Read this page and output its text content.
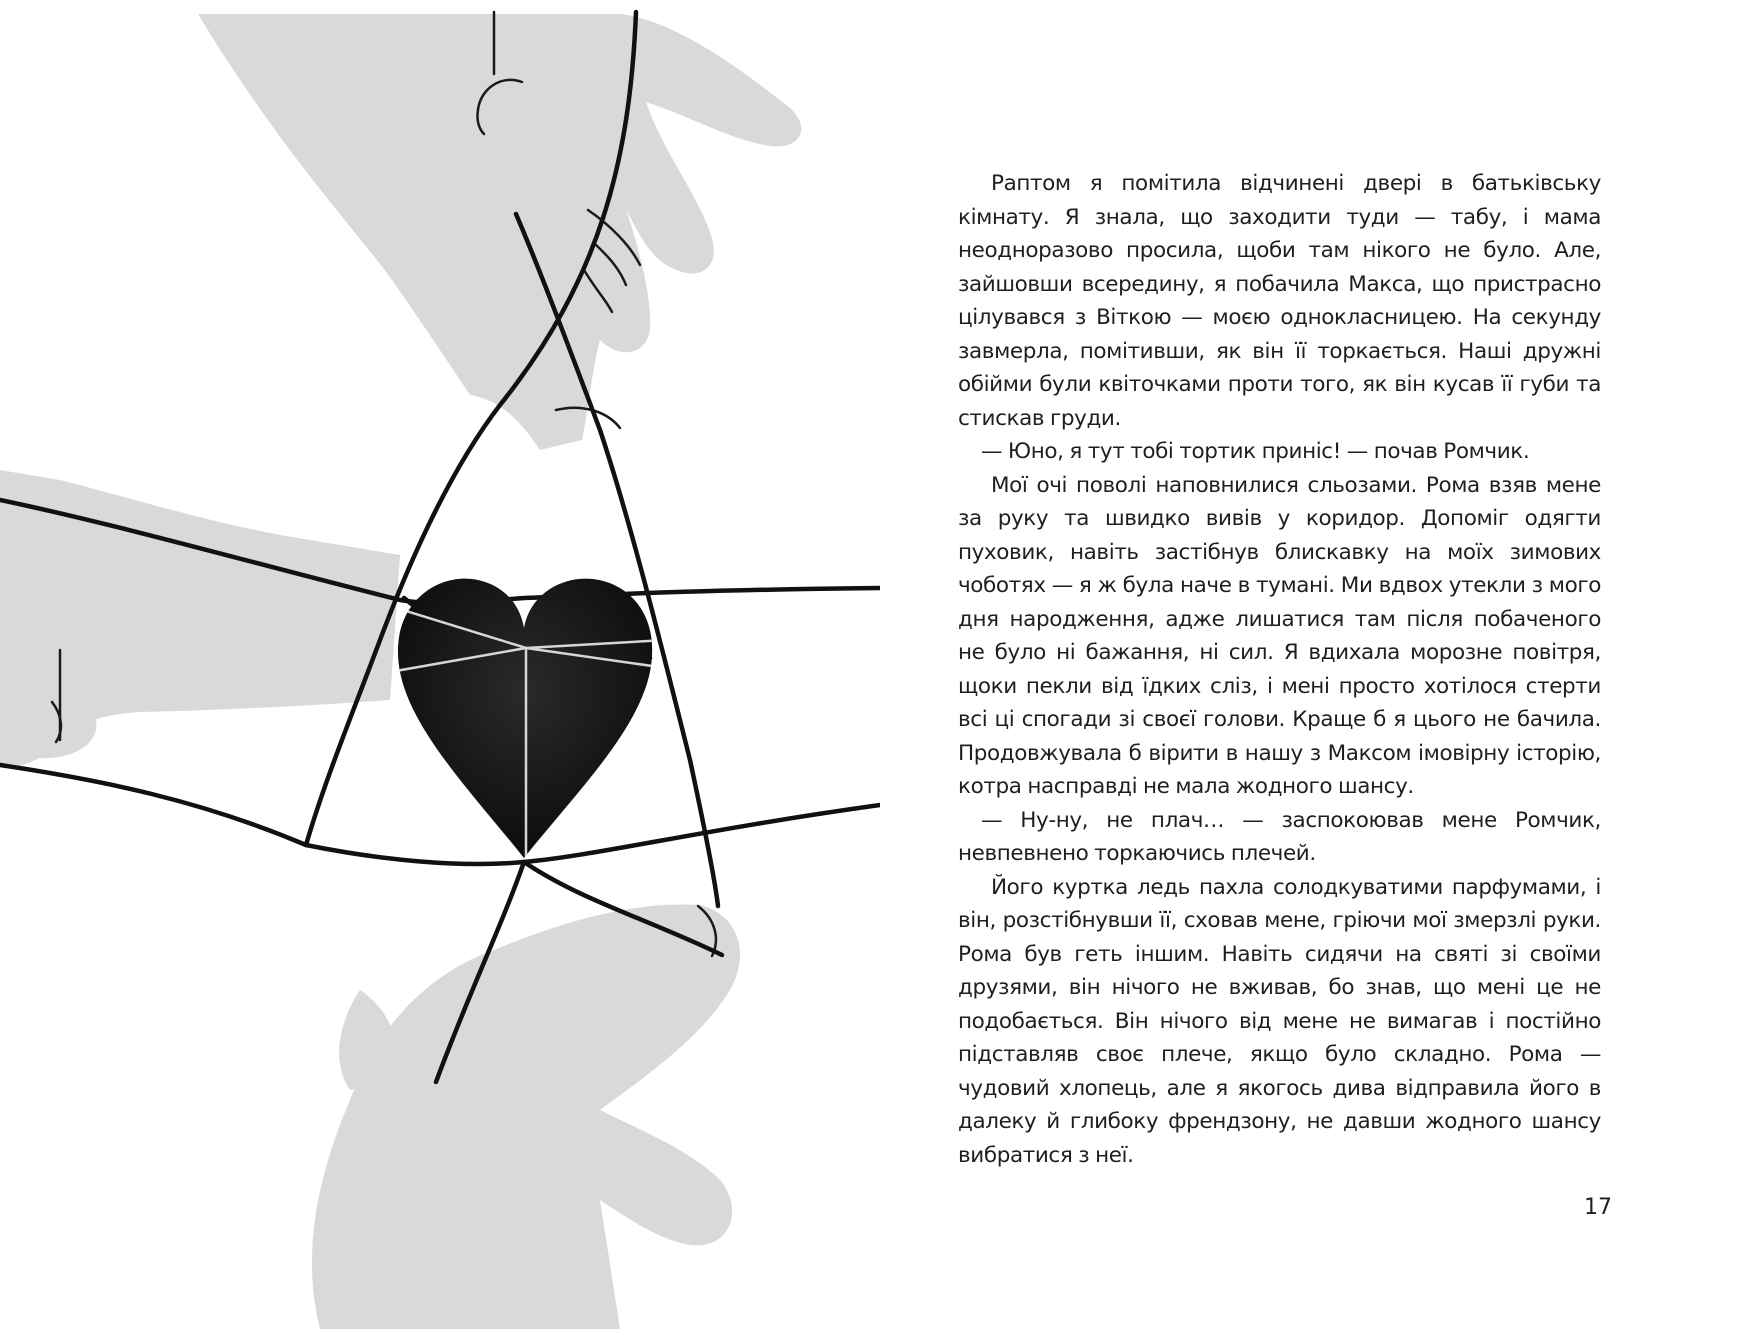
Раптом я помітила відчинені двері в батьківську кімнату. Я знала, що заходити туди — табу, і мама неодноразово просила, щоби там нікого не було. Але, зайшовши всередину, я побачила Макса, що пристрасно цілувався з Віткою — моєю однокласницею. На секунду завмерла, помітивши, як він її торкається. Наші дружні обійми були квіточками проти того, як він кусав її губи та стискав груди.

— Юно, я тут тобі тортик приніс! — почав Ромчик.

Мої очі поволі наповнилися сльозами. Рома взяв мене за руку та швидко вивів у коридор. Допоміг одягти пуховик, навіть застібнув блискавку на моїх зимових чоботях — я ж була наче в тумані. Ми вдвох утекли з мого дня народження, адже лишатися там після побаченого не було ні бажання, ні сил. Я вдихала морозне повітря, щоки пекли від їдких сліз, і мені просто хотілося стерти всі ці спогади зі своєї голови. Краще б я цього не бачила. Продовжувала б вірити в нашу з Максом імовірну історію, котра насправді не мала жодного шансу.

— Ну-ну, не плач… — заспокоював мене Ромчик, невпевнено торкаючись плечей.

Його куртка ледь пахла солодкуватими парфумами, і він, розстібнувши її, сховав мене, гріючи мої змерзлі руки. Рома був геть іншим. Навіть сидячи на святі зі своїми друзями, він нічого не вживав, бо знав, що мені це не подобається. Він нічого від мене не вимагав і постійно підставляв своє плече, якщо було складно. Рома — чудовий хлопець, але я якогось дива відправила його в далеку й глибоку френдзону, не давши жодного шансу вибратися з неї.

17
